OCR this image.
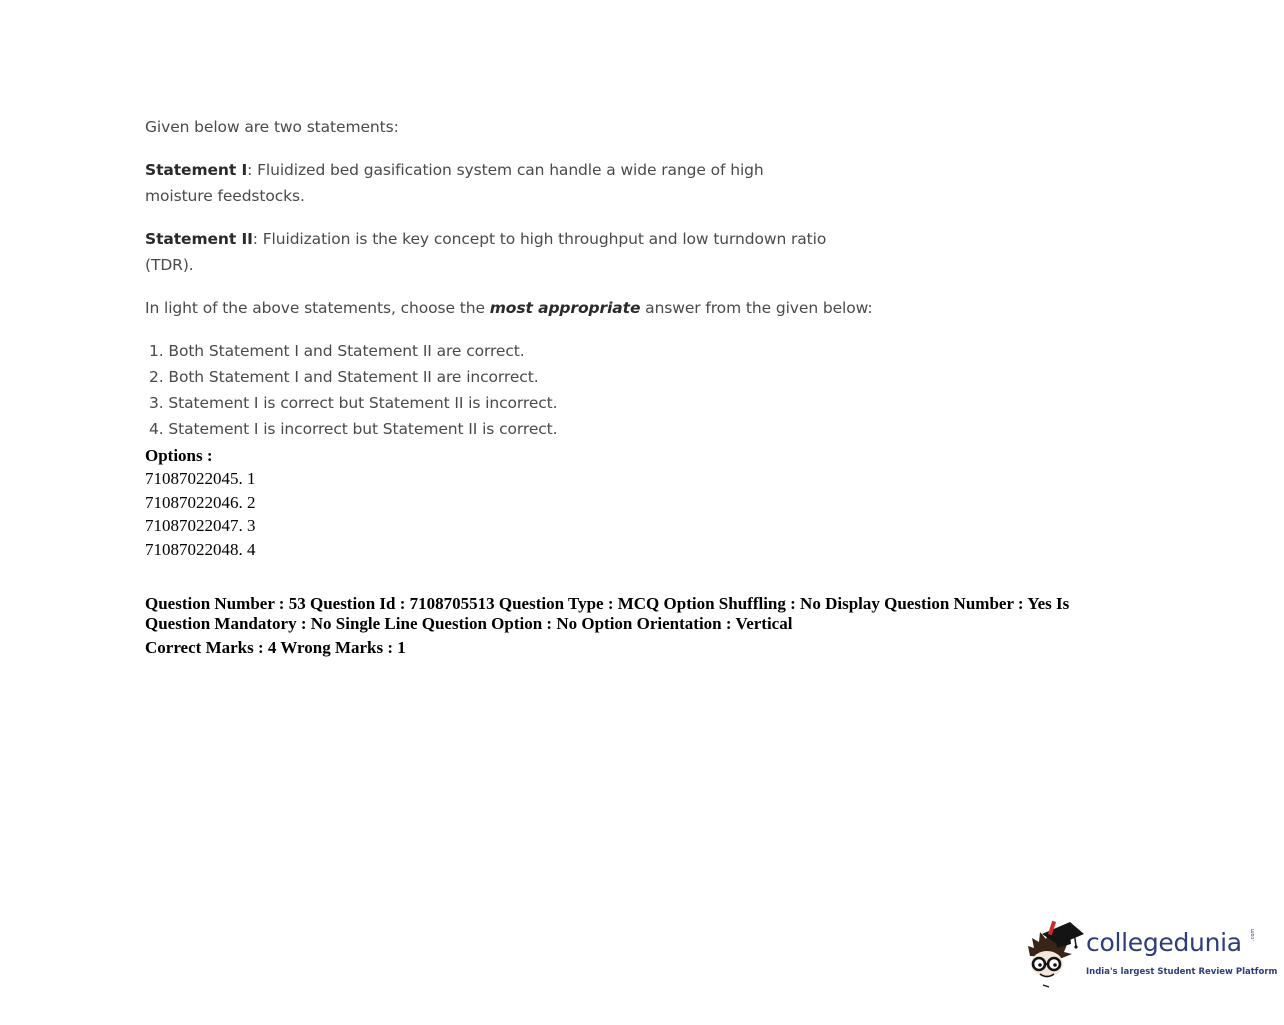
Given below are two statements:

Statement I: Fluidized bed gasification system can handle a wide range of high moisture feedstocks.

Statement II: Fluidization is the key concept to high throughput and low turndown ratio (TDR).

In light of the above statements, choose the most appropriate answer from the given below:

1. Both Statement I and Statement II are correct.
2. Both Statement I and Statement II are incorrect.
3. Statement I is correct but Statement II is incorrect.
4. Statement I is incorrect but Statement II is correct.
Options :
71087022045. 1
71087022046. 2
71087022047. 3
71087022048. 4
Question Number : 53 Question Id : 7108705513 Question Type : MCQ Option Shuffling : No Display Question Number : Yes Is Question Mandatory : No Single Line Question Option : No Option Orientation : Vertical
Correct Marks : 4 Wrong Marks : 1
collegedunia .com
India's largest Student Review Platform
